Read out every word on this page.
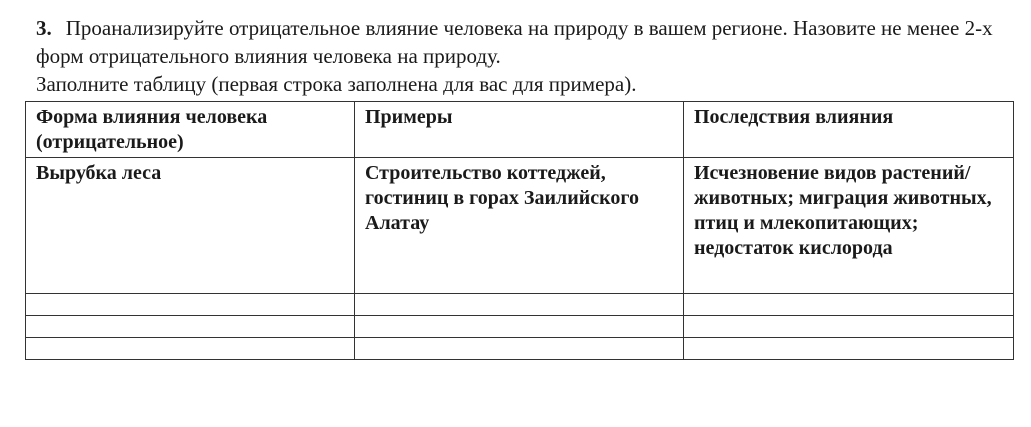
3. Проанализируйте отрицательное влияние человека на природу в вашем регионе. Назовите не менее 2-х форм отрицательного влияния человека на природу.

Заполните таблицу (первая строка заполнена для вас для примера).

Форма влияния человека (отрицательное)	Примеры	Последствия влияния
Вырубка леса	Строительство коттеджей, гостиниц в горах Заилийского Алатау	Исчезновение видов растений/животных; миграция животных, птиц и млекопитающих; недостаток кислорода
